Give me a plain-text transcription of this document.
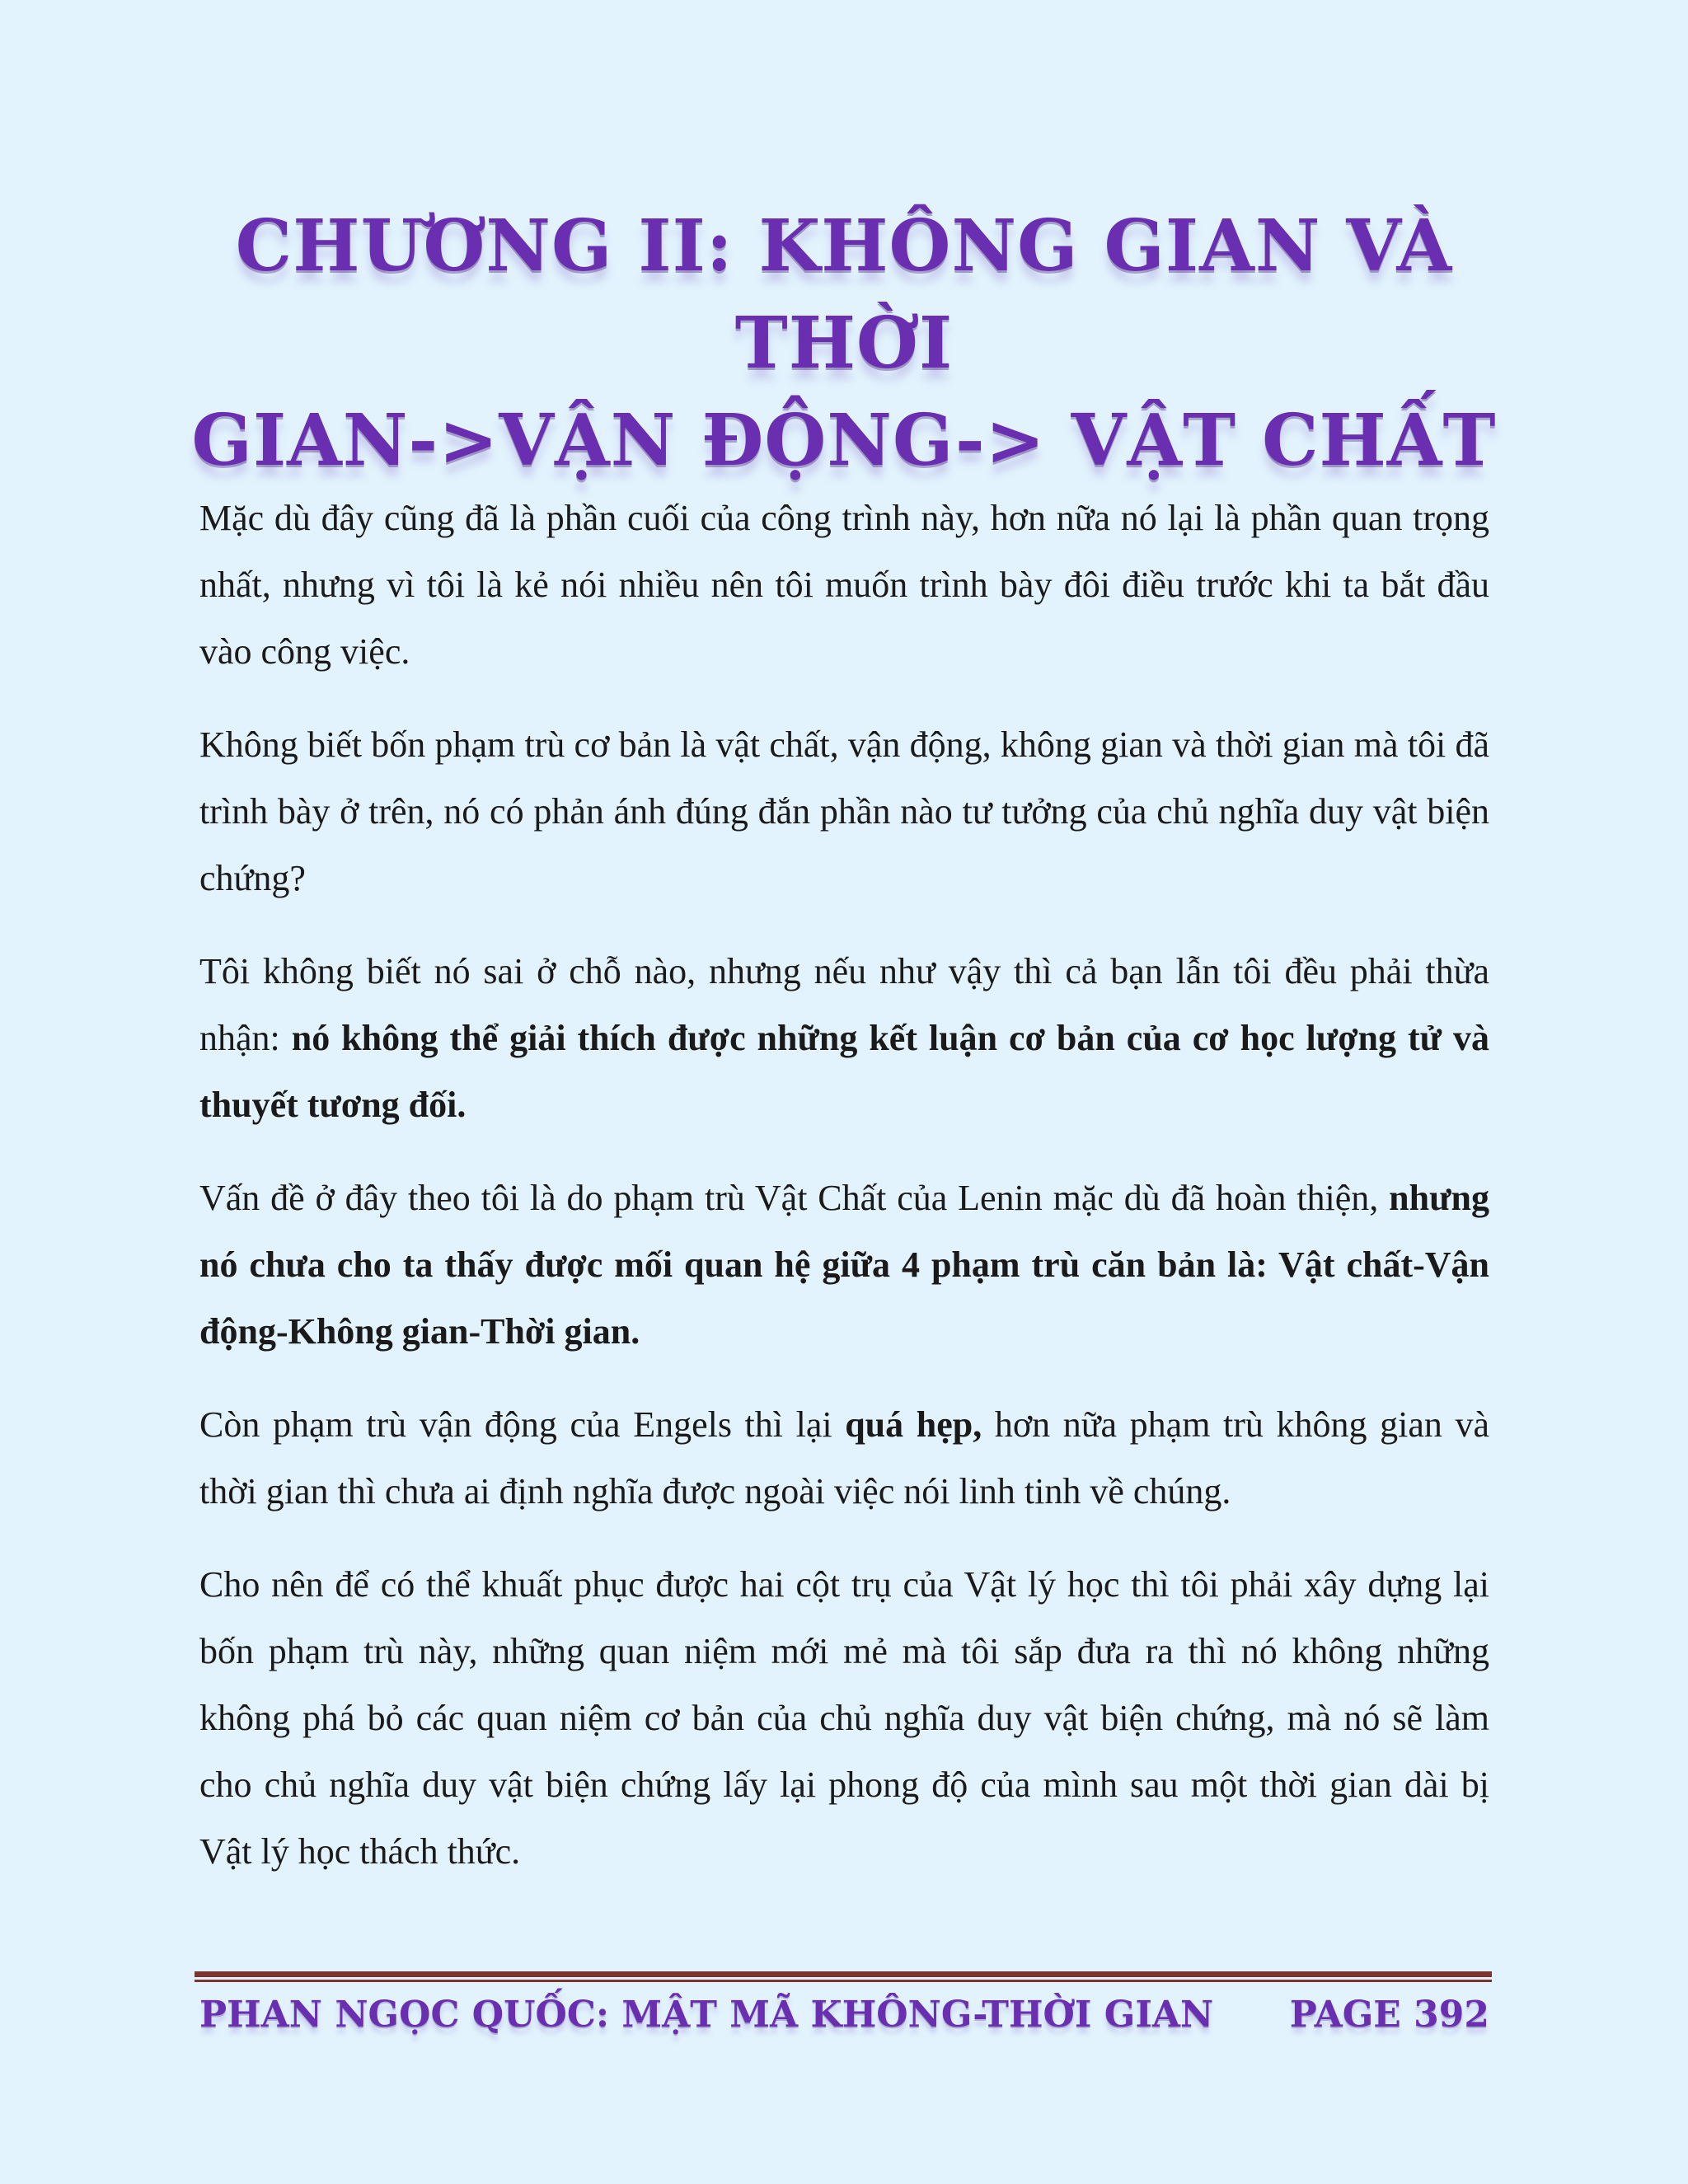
CHƯƠNG II: KHÔNG GIAN VÀ THỜI
GIAN->VẬN ĐỘNG-> VẬT CHẤT

Mặc dù đây cũng đã là phần cuối của công trình này, hơn nữa nó lại là phần quan trọng nhất, nhưng vì tôi là kẻ nói nhiều nên tôi muốn trình bày đôi điều trước khi ta bắt đầu vào công việc.

Không biết bốn phạm trù cơ bản là vật chất, vận động, không gian và thời gian mà tôi đã trình bày ở trên, nó có phản ánh đúng đắn phần nào tư tưởng của chủ nghĩa duy vật biện chứng?

Tôi không biết nó sai ở chỗ nào, nhưng nếu như vậy thì cả bạn lẫn tôi đều phải thừa nhận: nó không thể giải thích được những kết luận cơ bản của cơ học lượng tử và thuyết tương đối.

Vấn đề ở đây theo tôi là do phạm trù Vật Chất của Lenin mặc dù đã hoàn thiện, nhưng nó chưa cho ta thấy được mối quan hệ giữa 4 phạm trù căn bản là: Vật chất-Vận động-Không gian-Thời gian.

Còn phạm trù vận động của Engels thì lại quá hẹp, hơn nữa phạm trù không gian và thời gian thì chưa ai định nghĩa được ngoài việc nói linh tinh về chúng.

Cho nên để có thể khuất phục được hai cột trụ của Vật lý học thì tôi phải xây dựng lại bốn phạm trù này, những quan niệm mới mẻ mà tôi sắp đưa ra thì nó không những không phá bỏ các quan niệm cơ bản của chủ nghĩa duy vật biện chứng, mà nó sẽ làm cho chủ nghĩa duy vật biện chứng lấy lại phong độ của mình sau một thời gian dài bị Vật lý học thách thức.

PHAN NGỌC QUỐC: MẬT MÃ KHÔNG-THỜI GIAN PAGE 392
